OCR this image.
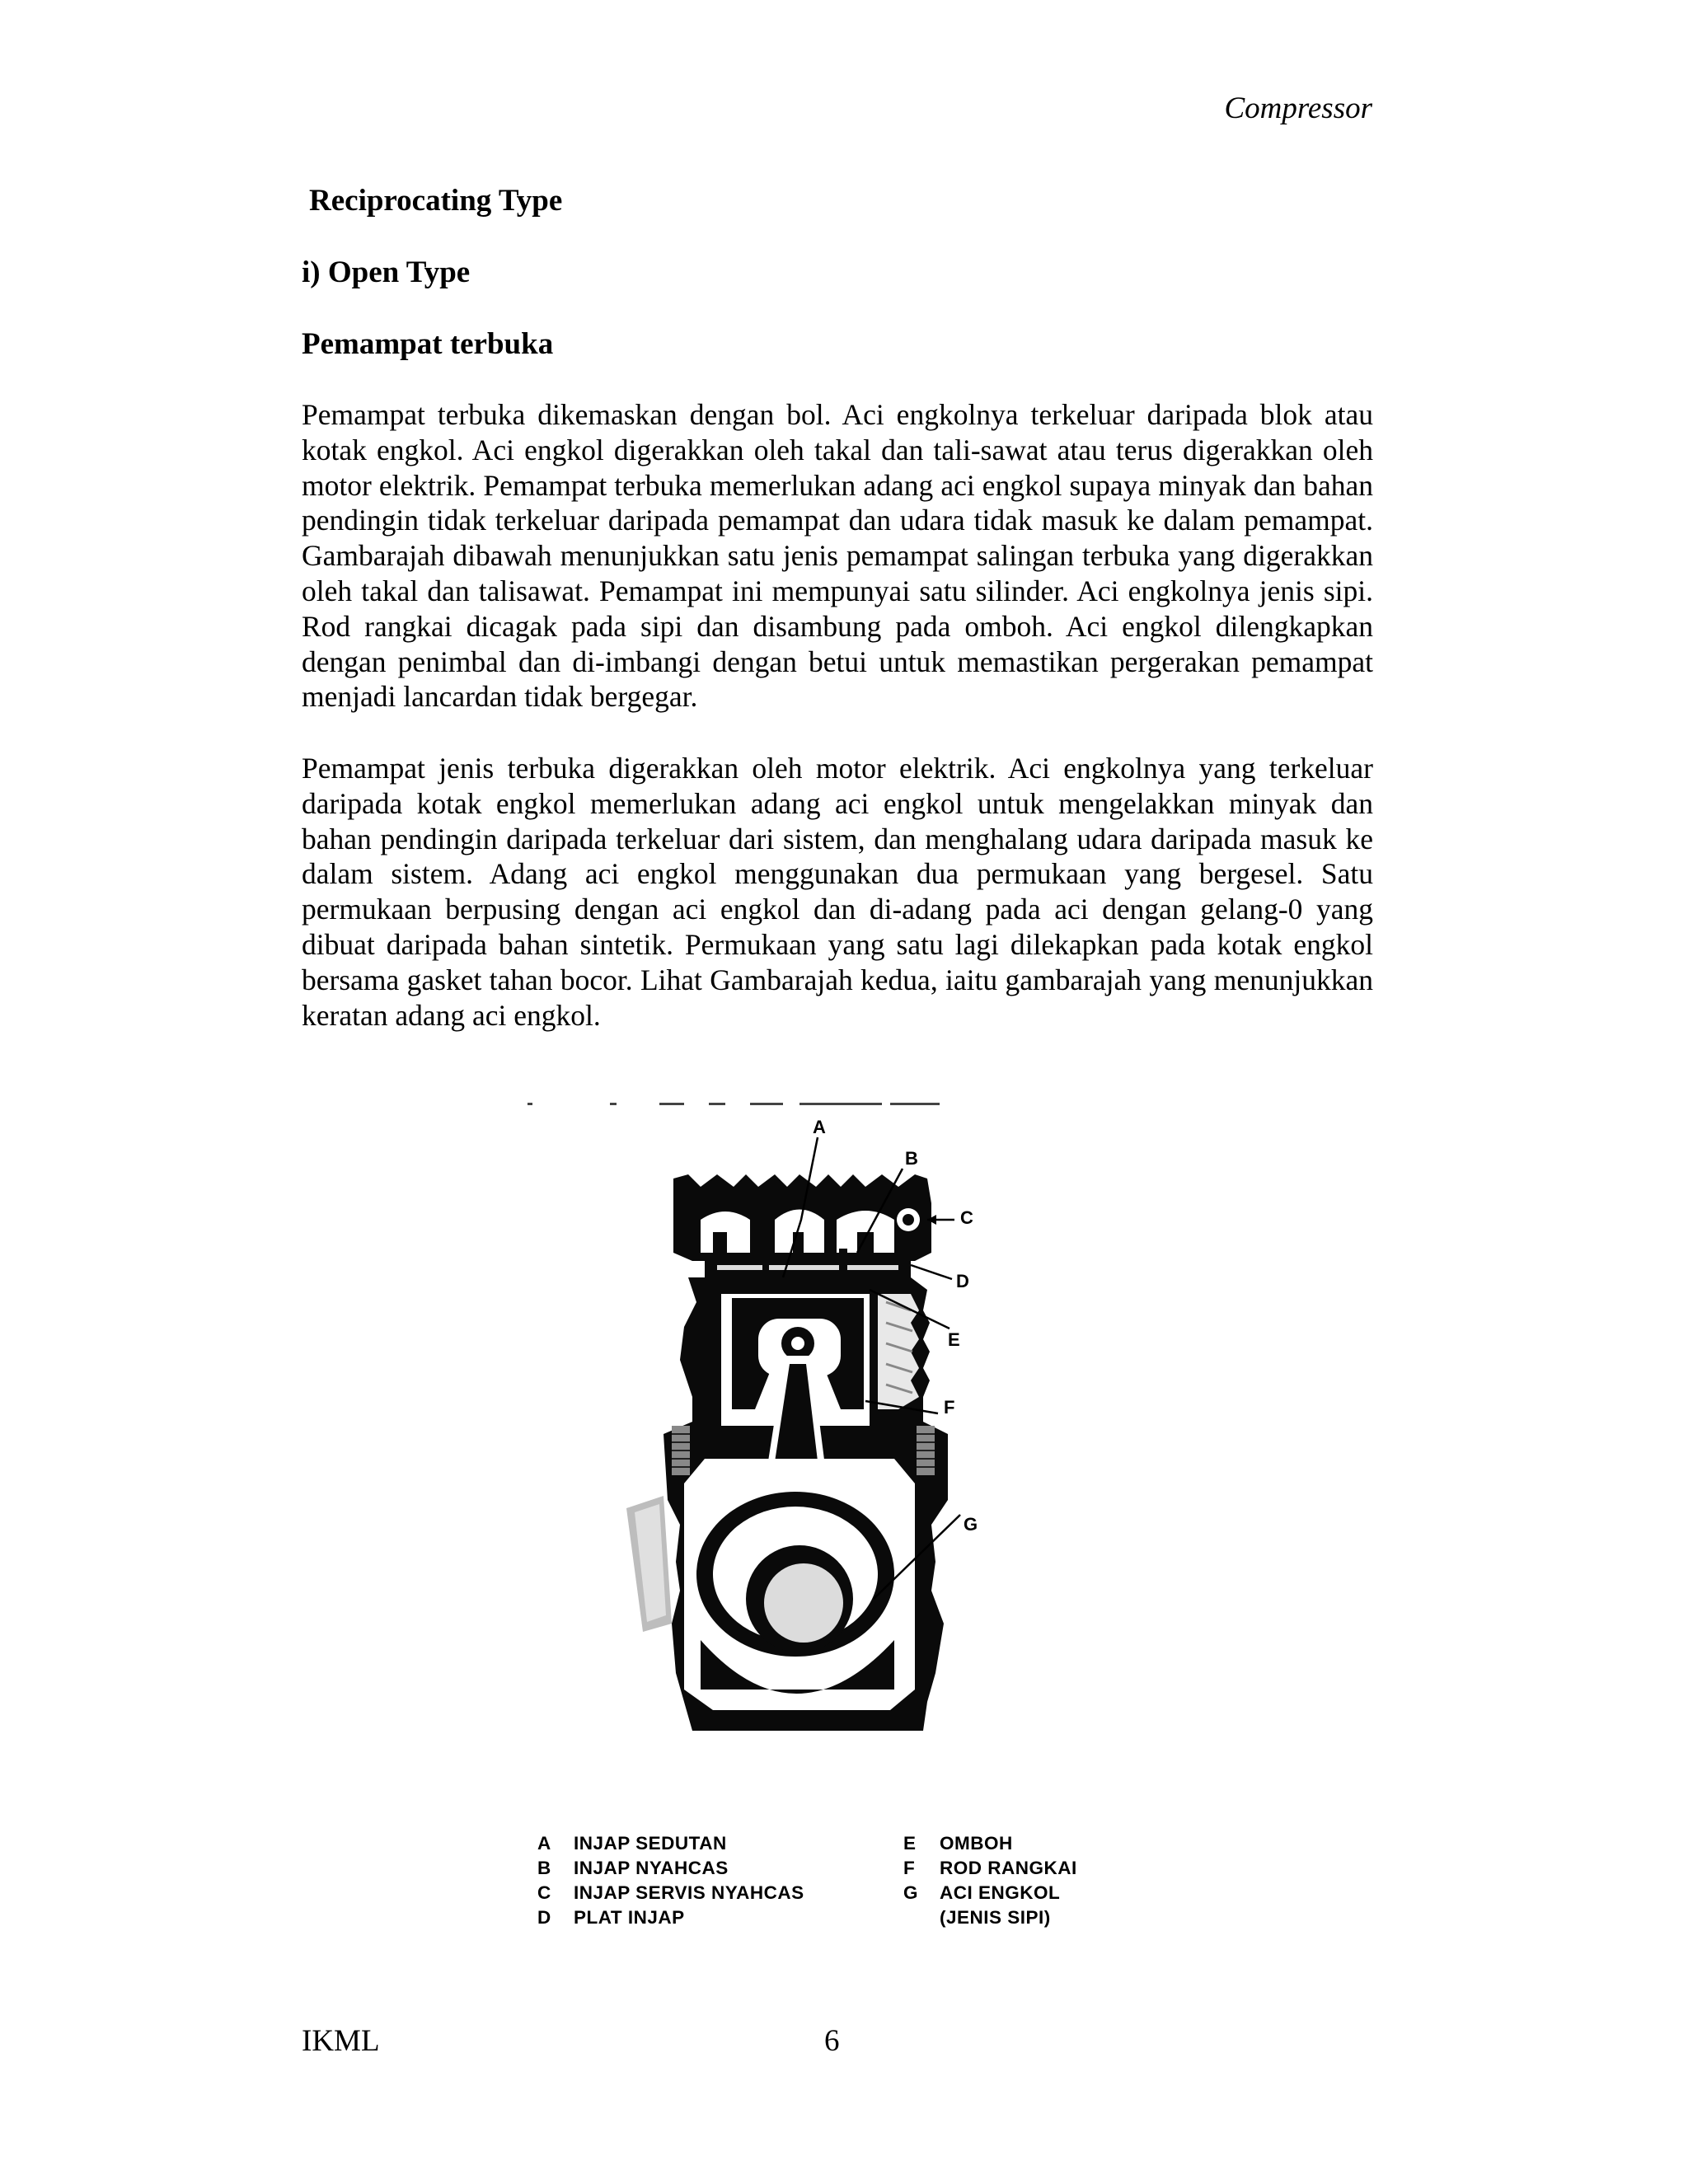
Compressor
Reciprocating Type
i) Open Type
Pemampat terbuka

Pemampat terbuka dikemaskan dengan bol. Aci engkolnya terkeluar daripada blok atau kotak engkol. Aci engkol digerakkan oleh takal dan tali-sawat atau terus digerakkan oleh motor elektrik. Pemampat terbuka memerlukan adang aci engkol supaya minyak dan bahan pendingin tidak terkeluar daripada pemampat dan udara tidak masuk ke dalam pemampat. Gambarajah dibawah menunjukkan satu jenis pemampat salingan terbuka yang digerakkan oleh takal dan talisawat. Pemampat ini mempunyai satu silinder. Aci engkolnya jenis sipi. Rod rangkai dicagak pada sipi dan disambung pada omboh. Aci engkol dilengkapkan dengan penimbal dan di-imbangi dengan betui untuk memastikan pergerakan pemampat menjadi lancardan tidak bergegar.

Pemampat jenis terbuka digerakkan oleh motor elektrik. Aci engkolnya yang terkeluar daripada kotak engkol memerlukan adang aci engkol untuk mengelakkan minyak dan bahan pendingin daripada terkeluar dari sistem, dan menghalang udara daripada masuk ke dalam sistem. Adang aci engkol menggunakan dua permukaan yang bergesel. Satu permukaan berpusing dengan aci engkol dan di-adang pada aci dengan gelang-0 yang dibuat daripada bahan sintetik. Permukaan yang satu lagi dilekapkan pada kotak engkol bersama gasket tahan bocor. Lihat Gambarajah kedua, iaitu gambarajah yang menunjukkan keratan adang aci engkol.

A
B
C
D
E
F
G
A	INJAP SEDUTAN
B	INJAP NYAHCAS
C	INJAP SERVIS NYAHCAS
D	PLAT INJAP
E	OMBOH
F	ROD RANGKAI
G	ACI ENGKOL
(JENIS SIPI)
IKML	6
